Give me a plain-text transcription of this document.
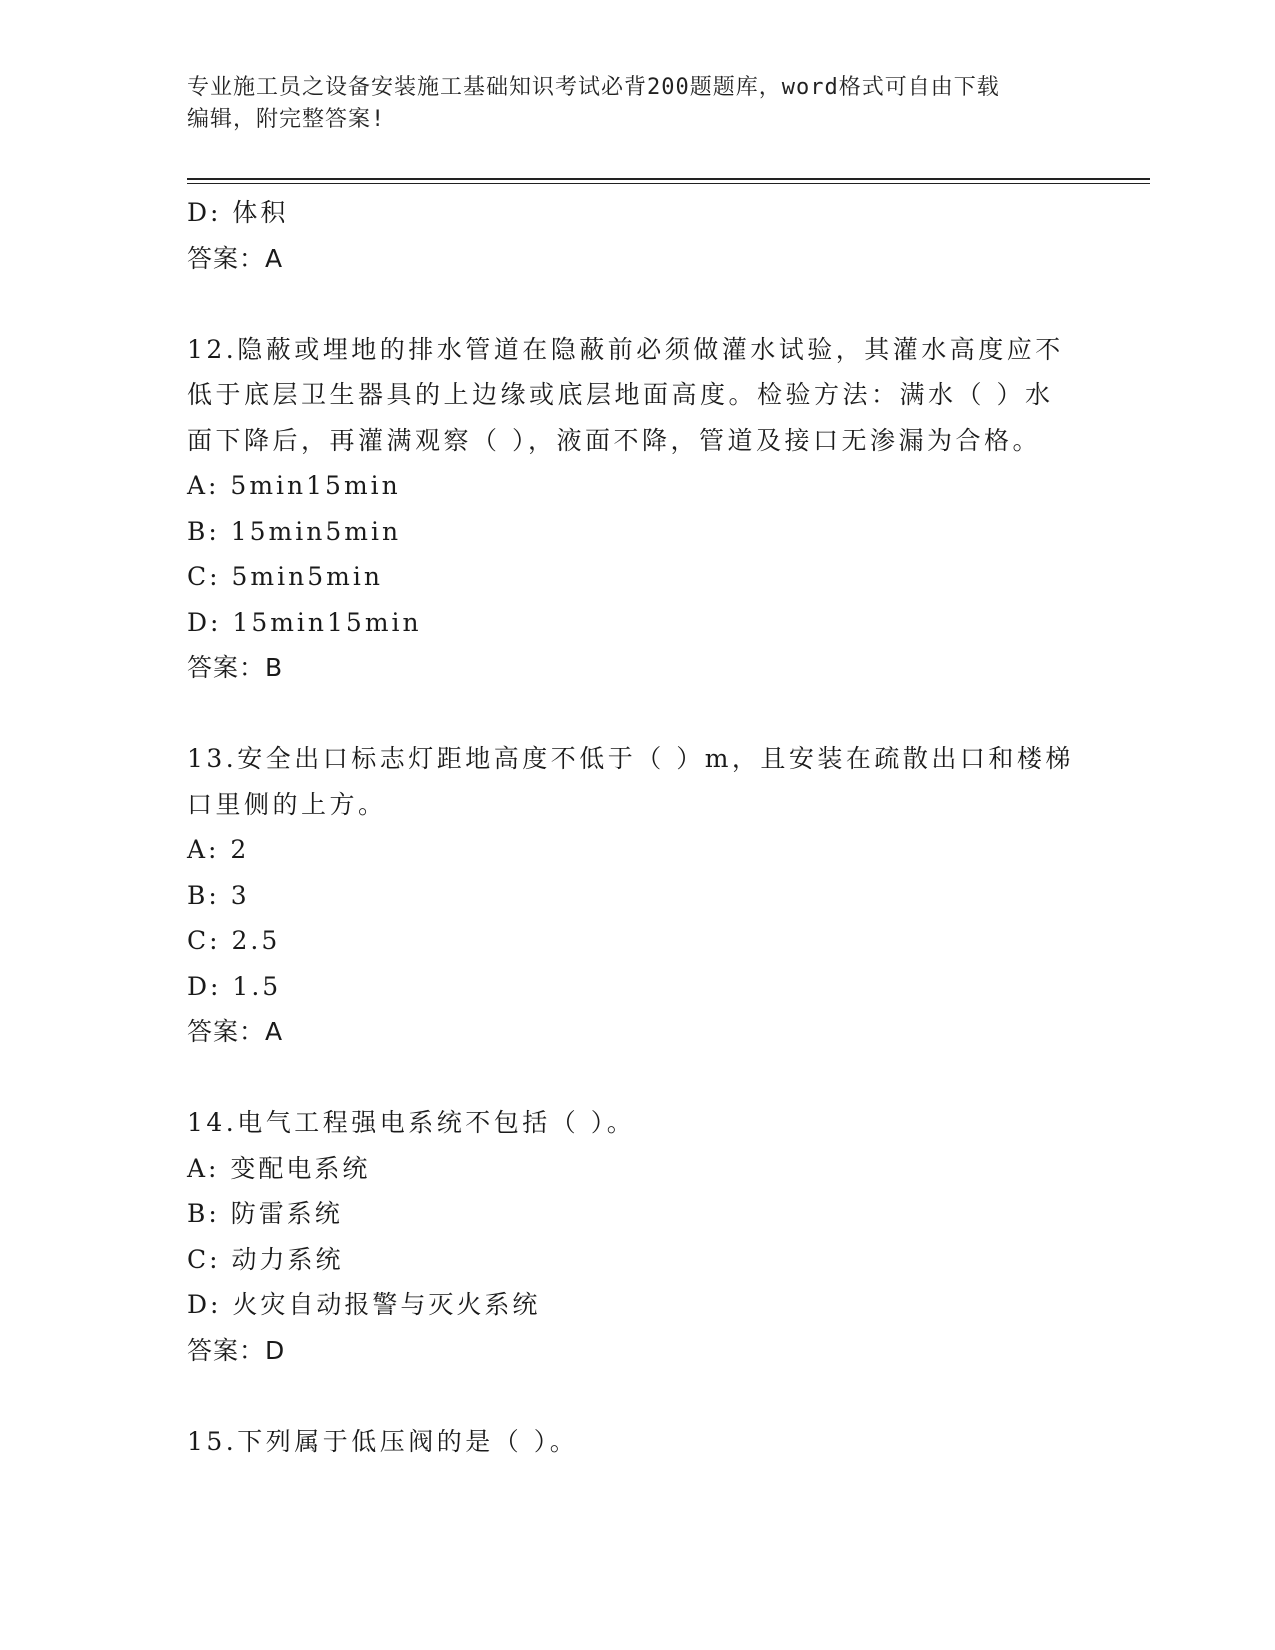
专业施工员之设备安装施工基础知识考试必背200题题库，word格式可自由下载
编辑，附完整答案!
D: 体积
答案：A
12.隐蔽或埋地的排水管道在隐蔽前必须做灌水试验，其灌水高度应不
低于底层卫生器具的上边缘或底层地面高度。检验方法：满水（ ）水
面下降后，再灌满观察（ ），液面不降，管道及接口无渗漏为合格。
A: 5min15min
B: 15min5min
C: 5min5min
D: 15min15min
答案：B
13.安全出口标志灯距地高度不低于（ ）m，且安装在疏散出口和楼梯
口里侧的上方。
A: 2
B: 3
C: 2.5
D: 1.5
答案：A
14.电气工程强电系统不包括（ ）。
A: 变配电系统
B: 防雷系统
C: 动力系统
D: 火灾自动报警与灭火系统
答案：D
15.下列属于低压阀的是（ ）。
